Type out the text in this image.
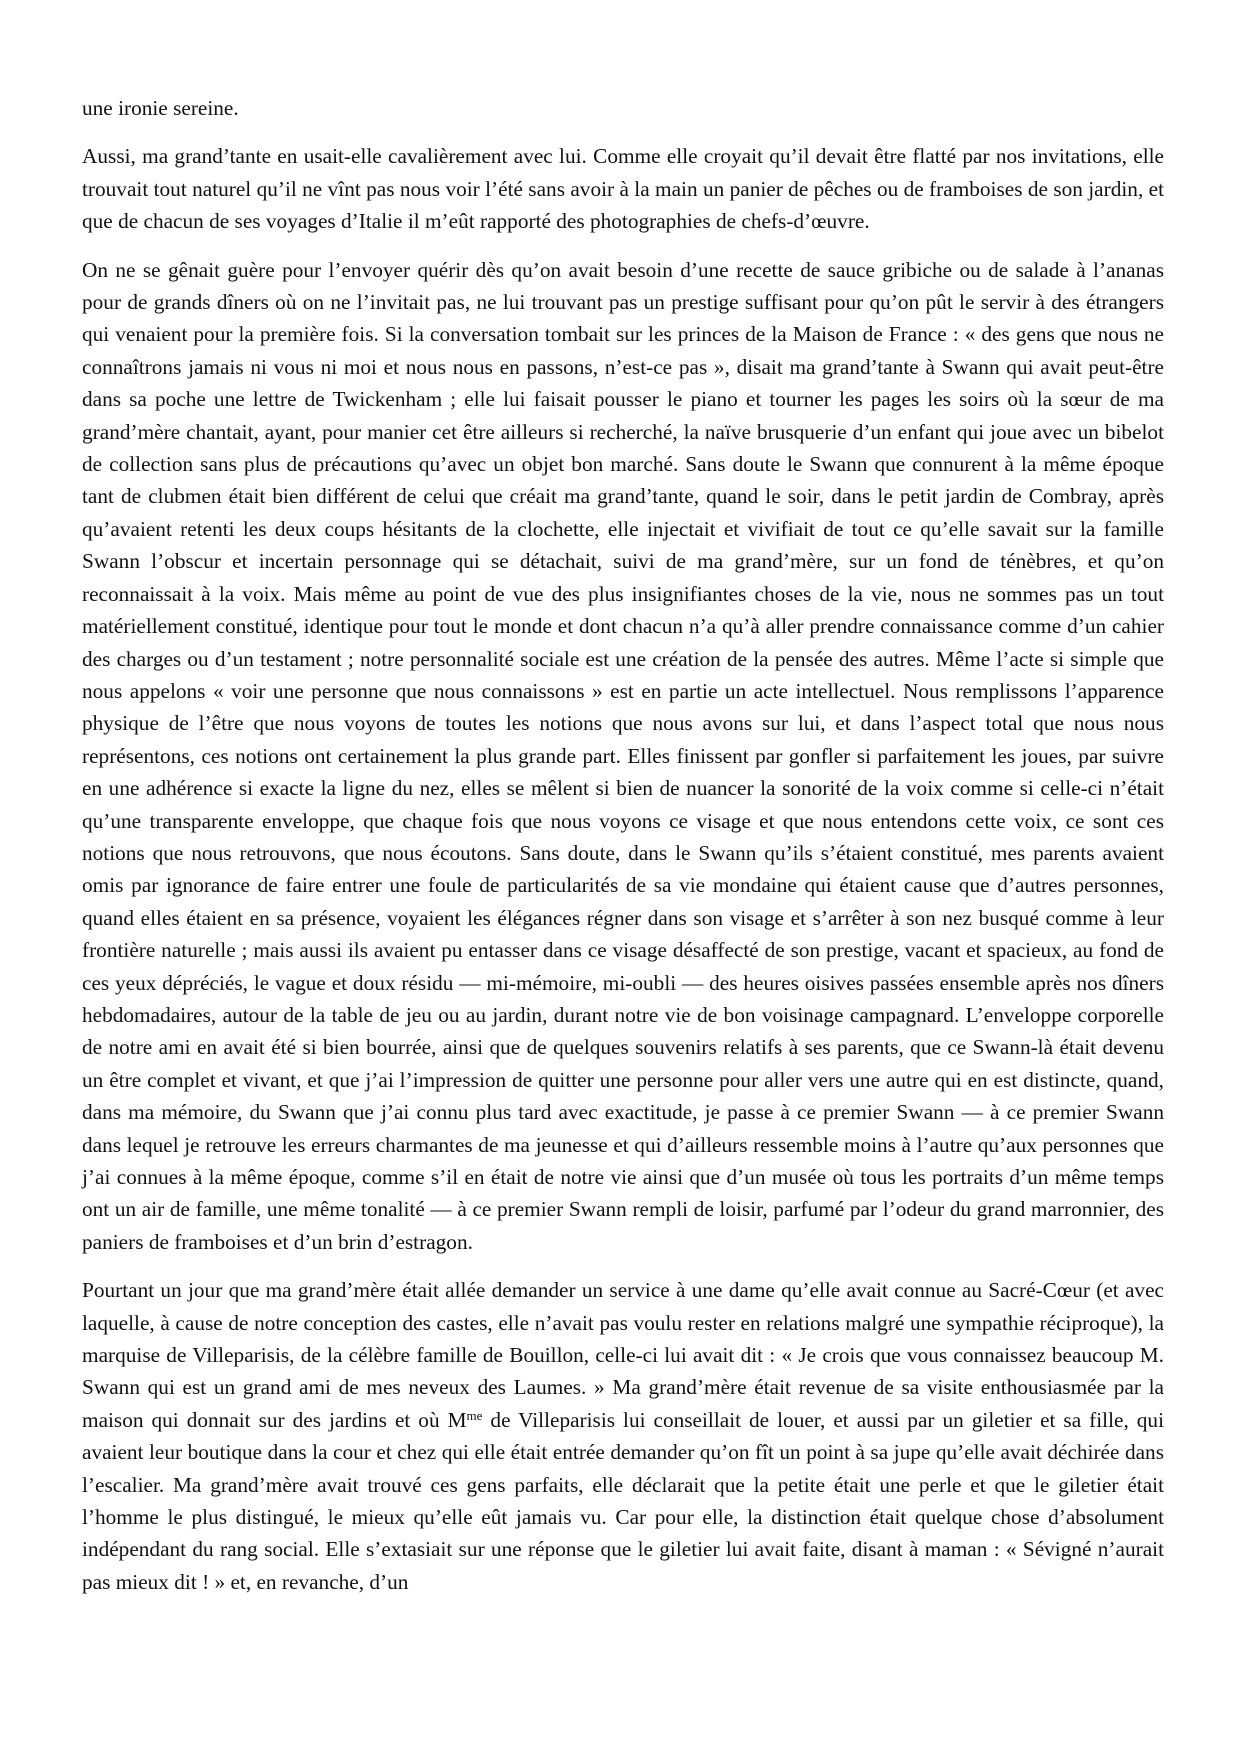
une ironie sereine.

Aussi, ma grand’tante en usait-elle cavalièrement avec lui. Comme elle croyait qu’il devait être flatté par nos invitations, elle trouvait tout naturel qu’il ne vînt pas nous voir l’été sans avoir à la main un panier de pêches ou de framboises de son jardin, et que de chacun de ses voyages d’Italie il m’eût rapporté des photographies de chefs-d’œuvre.

On ne se gênait guère pour l’envoyer quérir dès qu’on avait besoin d’une recette de sauce gribiche ou de salade à l’ananas pour de grands dîners où on ne l’invitait pas, ne lui trouvant pas un prestige suffisant pour qu’on pût le servir à des étrangers qui venaient pour la première fois. Si la conversation tombait sur les princes de la Maison de France : « des gens que nous ne connaîtrons jamais ni vous ni moi et nous nous en passons, n’est-ce pas », disait ma grand’tante à Swann qui avait peut-être dans sa poche une lettre de Twickenham ; elle lui faisait pousser le piano et tourner les pages les soirs où la sœur de ma grand’mère chantait, ayant, pour manier cet être ailleurs si recherché, la naïve brusquerie d’un enfant qui joue avec un bibelot de collection sans plus de précautions qu’avec un objet bon marché. Sans doute le Swann que connurent à la même époque tant de clubmen était bien différent de celui que créait ma grand’tante, quand le soir, dans le petit jardin de Combray, après qu’avaient retenti les deux coups hésitants de la clochette, elle injectait et vivifiait de tout ce qu’elle savait sur la famille Swann l’obscur et incertain personnage qui se détachait, suivi de ma grand’mère, sur un fond de ténèbres, et qu’on reconnaissait à la voix. Mais même au point de vue des plus insignifiantes choses de la vie, nous ne sommes pas un tout matériellement constitué, identique pour tout le monde et dont chacun n’a qu’à aller prendre connaissance comme d’un cahier des charges ou d’un testament ; notre personnalité sociale est une création de la pensée des autres. Même l’acte si simple que nous appelons « voir une personne que nous connaissons » est en partie un acte intellectuel. Nous remplissons l’apparence physique de l’être que nous voyons de toutes les notions que nous avons sur lui, et dans l’aspect total que nous nous représentons, ces notions ont certainement la plus grande part. Elles finissent par gonfler si parfaitement les joues, par suivre en une adhérence si exacte la ligne du nez, elles se mêlent si bien de nuancer la sonorité de la voix comme si celle-ci n’était qu’une transparente enveloppe, que chaque fois que nous voyons ce visage et que nous entendons cette voix, ce sont ces notions que nous retrouvons, que nous écoutons. Sans doute, dans le Swann qu’ils s’étaient constitué, mes parents avaient omis par ignorance de faire entrer une foule de particularités de sa vie mondaine qui étaient cause que d’autres personnes, quand elles étaient en sa présence, voyaient les élégances régner dans son visage et s’arrêter à son nez busqué comme à leur frontière naturelle ; mais aussi ils avaient pu entasser dans ce visage désaffecté de son prestige, vacant et spacieux, au fond de ces yeux dépréciés, le vague et doux résidu — mi-mémoire, mi-oubli — des heures oisives passées ensemble après nos dîners hebdomadaires, autour de la table de jeu ou au jardin, durant notre vie de bon voisinage campagnard. L’enveloppe corporelle de notre ami en avait été si bien bourrée, ainsi que de quelques souvenirs relatifs à ses parents, que ce Swann-là était devenu un être complet et vivant, et que j’ai l’impression de quitter une personne pour aller vers une autre qui en est distincte, quand, dans ma mémoire, du Swann que j’ai connu plus tard avec exactitude, je passe à ce premier Swann — à ce premier Swann dans lequel je retrouve les erreurs charmantes de ma jeunesse et qui d’ailleurs ressemble moins à l’autre qu’aux personnes que j’ai connues à la même époque, comme s’il en était de notre vie ainsi que d’un musée où tous les portraits d’un même temps ont un air de famille, une même tonalité — à ce premier Swann rempli de loisir, parfumé par l’odeur du grand marronnier, des paniers de framboises et d’un brin d’estragon.

Pourtant un jour que ma grand’mère était allée demander un service à une dame qu’elle avait connue au Sacré-Cœur (et avec laquelle, à cause de notre conception des castes, elle n’avait pas voulu rester en relations malgré une sympathie réciproque), la marquise de Villeparisis, de la célèbre famille de Bouillon, celle-ci lui avait dit : « Je crois que vous connaissez beaucoup M. Swann qui est un grand ami de mes neveux des Laumes. » Ma grand’mère était revenue de sa visite enthousiasmée par la maison qui donnait sur des jardins et où $M^{me}$ de Villeparisis lui conseillait de louer, et aussi par un giletier et sa fille, qui avaient leur boutique dans la cour et chez qui elle était entrée demander qu’on fît un point à sa jupe qu’elle avait déchirée dans l’escalier. Ma grand’mère avait trouvé ces gens parfaits, elle déclarait que la petite était une perle et que le giletier était l’homme le plus distingué, le mieux qu’elle eût jamais vu. Car pour elle, la distinction était quelque chose d’absolument indépendant du rang social. Elle s’extasiait sur une réponse que le giletier lui avait faite, disant à maman : « Sévigné n’aurait pas mieux dit ! » et, en revanche, d’un
